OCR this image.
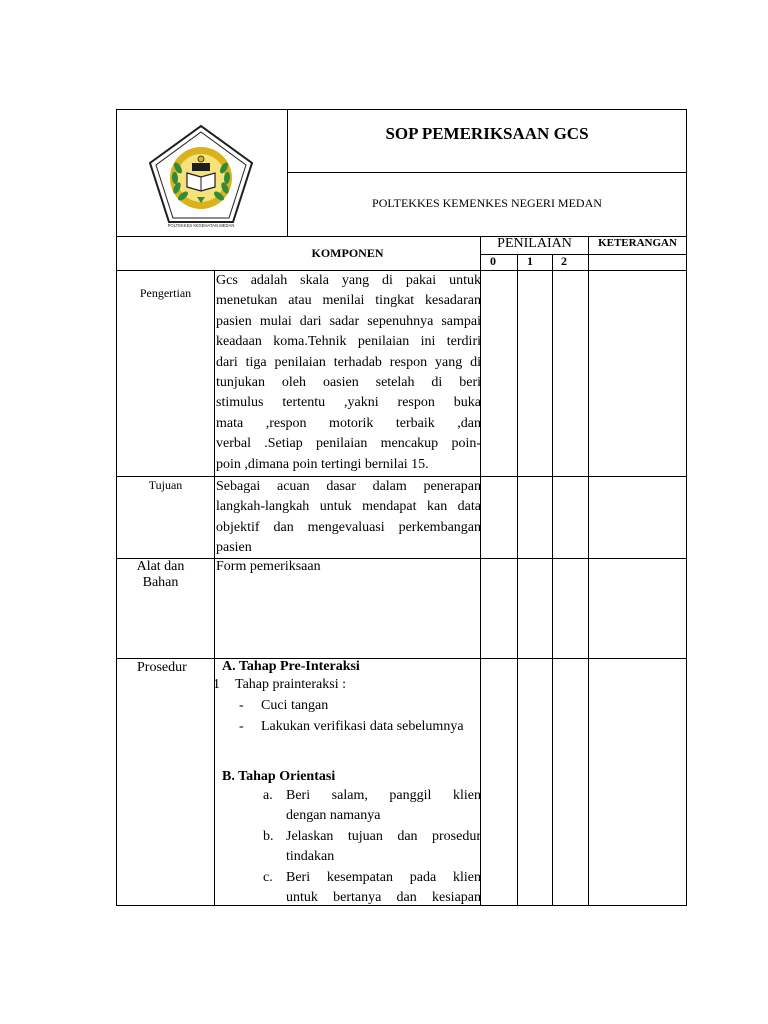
POLTEKKES KESEHATAN MEDAN
SOP PEMERIKSAAN GCS
POLTEKKES KEMENKES NEGERI MEDAN
KOMPONEN
PENILAIAN
0	1	2
KETERANGAN
Pengertian
Gcs adalah skala yang di pakai untuk
menetukan atau menilai tingkat kesadaran
pasien mulai dari sadar sepenuhnya sampai
keadaan koma.Tehnik penilaian ini terdiri
dari tiga penilaian terhadab respon yang di
tunjukan oleh oasien setelah di beri
stimulus tertentu ,yakni respon buka
mata ,respon motorik terbaik ,dan
verbal .Setiap penilaian mencakup poin-
poin ,dimana poin tertingi bernilai 15.
Tujuan	Sebagai acuan dasar dalam penerapan
langkah-langkah untuk mendapat kan data
objektif dan mengevaluasi perkembangan
pasien
Alat dan
Bahan
Form pemeriksaan
Prosedur	A. Tahap Pre-Interaksi
1 Tahap prainteraksi :
- Cuci tangan
- Lakukan verifikasi data sebelumnya
B. Tahap Orientasi
a. Beri salam, panggil klien
dengan namanya
b. Jelaskan tujuan dan prosedur
tindakan
c. Beri kesempatan pada klien
untuk bertanya dan kesiapan
